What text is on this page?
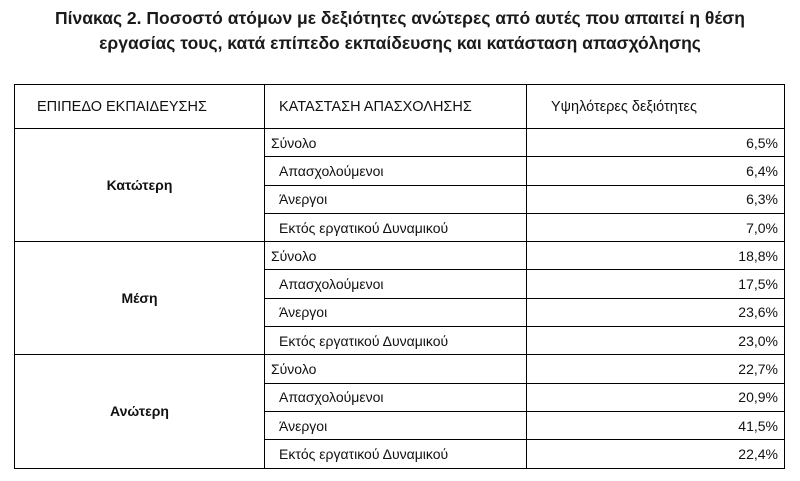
Πίνακας 2. Ποσοστό ατόμων με δεξιότητες ανώτερες από αυτές που απαιτεί η θέση
εργασίας τους, κατά επίπεδο εκπαίδευσης και κατάσταση απασχόλησης
ΕΠΙΠΕΔΟ ΕΚΠΑΙΔΕΥΣΗΣ	ΚΑΤΑΣΤΑΣΗ ΑΠΑΣΧΟΛΗΣΗΣ	Υψηλότερες δεξιότητες
Κατώτερη	Σύνολο	6,5%
	Απασχολούμενοι	6,4%
	Άνεργοι	6,3%
	Εκτός εργατικού Δυναμικού	7,0%
Μέση	Σύνολο	18,8%
	Απασχολούμενοι	17,5%
	Άνεργοι	23,6%
	Εκτός εργατικού Δυναμικού	23,0%
Ανώτερη	Σύνολο	22,7%
	Απασχολούμενοι	20,9%
	Άνεργοι	41,5%
	Εκτός εργατικού Δυναμικού	22,4%
